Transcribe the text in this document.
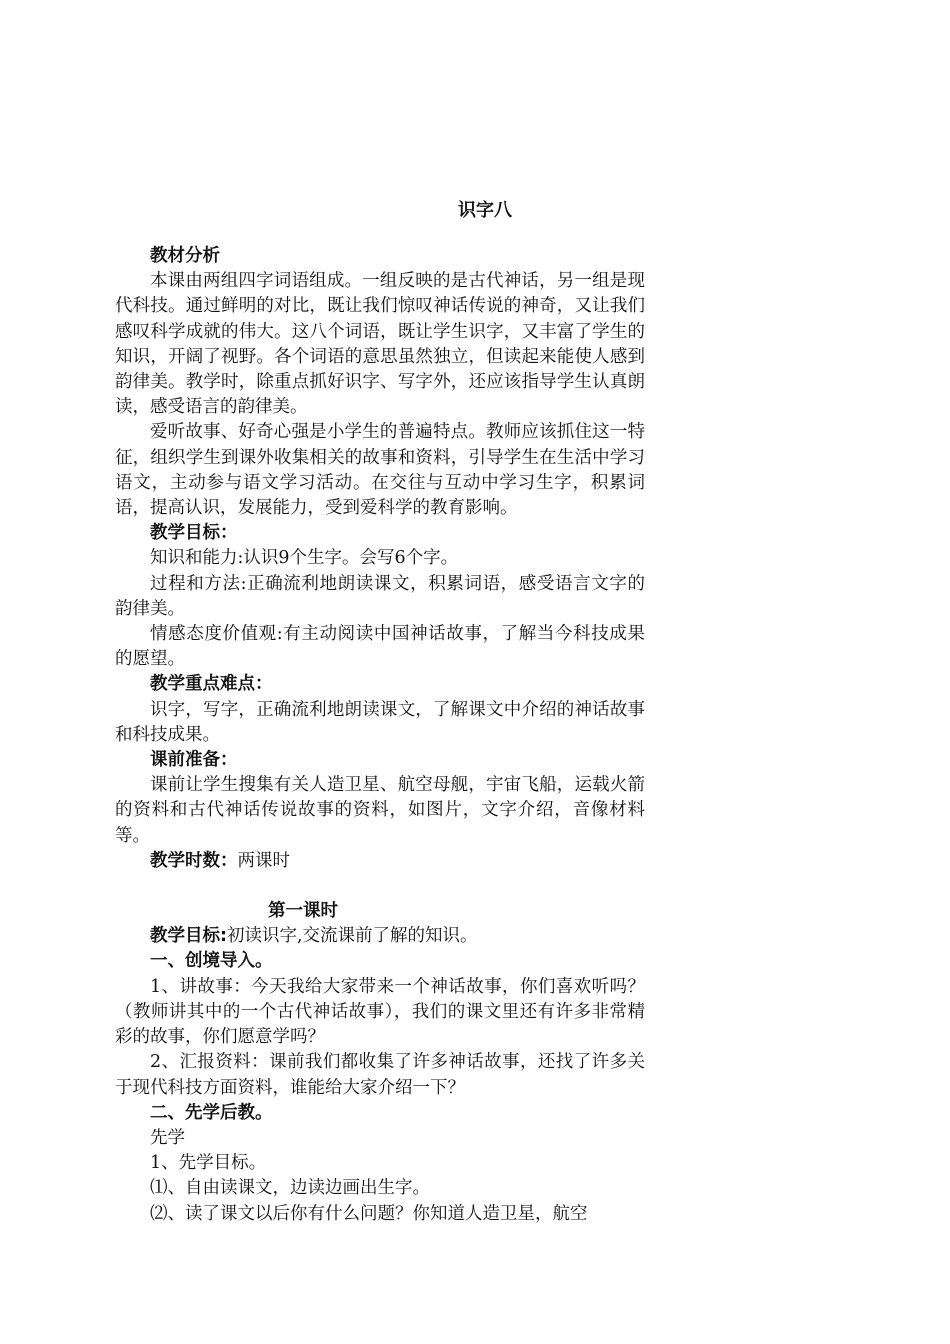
识字八

教材分析

本课由两组四字词语组成。一组反映的是古代神话，另一组是现代科技。通过鲜明的对比，既让我们惊叹神话传说的神奇，又让我们感叹科学成就的伟大。这八个词语，既让学生识字，又丰富了学生的知识，开阔了视野。各个词语的意思虽然独立，但读起来能使人感到韵律美。教学时，除重点抓好识字、写字外，还应该指导学生认真朗读，感受语言的韵律美。

爱听故事、好奇心强是小学生的普遍特点。教师应该抓住这一特征，组织学生到课外收集相关的故事和资料，引导学生在生活中学习语文，主动参与语文学习活动。在交往与互动中学习生字，积累词语，提高认识，发展能力，受到爱科学的教育影响。

教学目标：

知识和能力:认识9个生字。会写6个字。

过程和方法:正确流利地朗读课文，积累词语，感受语言文字的韵律美。

情感态度价值观:有主动阅读中国神话故事，了解当今科技成果的愿望。

教学重点难点：

识字，写字，正确流利地朗读课文，了解课文中介绍的神话故事和科技成果。

课前准备：

课前让学生搜集有关人造卫星、航空母舰，宇宙飞船，运载火箭的资料和古代神话传说故事的资料，如图片，文字介绍，音像材料等。

教学时数：两课时

第一课时

教学目标:初读识字,交流课前了解的知识。

一、创境导入。

1、讲故事：今天我给大家带来一个神话故事，你们喜欢听吗？（教师讲其中的一个古代神话故事），我们的课文里还有许多非常精彩的故事，你们愿意学吗？

2、汇报资料：课前我们都收集了许多神话故事，还找了许多关于现代科技方面资料，谁能给大家介绍一下？

二、先学后教。

先学

1、先学目标。

⑴、自由读课文，边读边画出生字。

⑵、读了课文以后你有什么问题？你知道人造卫星，航空
